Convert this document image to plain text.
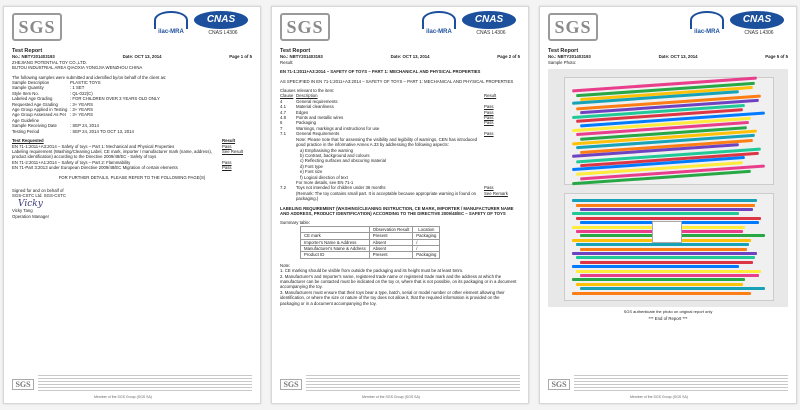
SGS	ilac-MRA
CNAS
CNAS L4306
Test Report
No.: NBTY201403193	Date: OCT 13, 2014	Page 1 of 5
ZHEJIANG POTENTIAL TOY CO.,LTD.
BUTOU INDUSTRIAL AREA QIAOXIA YONGJIA WENZHOU CHINA
The following samples were submitted and identified by/on behalf of the client as:
Sample Description	PLASTIC TOYS
Sample Quantity	: 1 SET
Style Item No.	: QL-022(C)
Labeled Age Grading	: FOR CHILDREN OVER 3 YEARS OLD ONLY
Requested Age Grading	: 3+ YEARS
Age Group Applied in Testing : 3+ YEARS
Age Group Assessed As Per Age Guideline
: 3+ YEARS
Sample Receiving Date	: SEP 24, 2014
Testing Period	: SEP 24, 2014 TO OCT 13, 2014
Test Requested	Result
EN 71-1:2011+A3:2014 – Safety of toys – Part 1: Mechanical and Physical Properties	Pass
Labeling requirement (Washing/Cleaning Label, CE mark, importer / manufacturer mark (name, address), product identification) according to the Directive 2009/48/EC - Safety of toys
See Result
EN 71-2:2011+A1:2014 – Safety of toys – Part 2: Flammability	Pass
EN 71-Part 3:2013 under European Directive 2009/48/EC Migration of certain elements	Pass
FOR FURTHER DETAILS, PLEASE REFER TO THE FOLLOWING PAGE(S)
Signed for and on behalf of
SGS-CSTC Ltd. SGS-CSTC
Vicky
Vicky Tang
Operation Manager
SGS
Member of the SGS Group (SGS SA)
SGS	ilac-MRA
CNAS
CNAS L4306
Test Report
No.: NBTY201403193	Date: OCT 13, 2014	Page 2 of 5
Result:
EN 71-1:2011+A3:2014 – SAFETY OF TOYS – PART 1: MECHANICAL AND PHYSICAL PROPERTIES
AS SPECIFIED IN EN 71-1:2011+A3:2014 – SAFETY OF TOYS – PART 1: MECHANICAL AND PHYSICAL PROPERTIES
Clauses relevant to the item:
Clause Description	Result
4	General requirements
4.1	Material cleanliness	Pass
4.7	Edges	Pass
4.8	Points and metallic wires	Pass
6	Packaging	Pass
7	Warnings, markings and instructions for use
7.1	General Requirements	Pass
Note: Please note that for assessing the visibility and legibility of warnings, CEN has introduced good practice in the informative Annex A.33 by addressing the following aspects:
a) Emphasising the warning
b) Contrast, background and colours
c) Reflecting surfaces and obscuring material
d) Font type
e) Font size
f) Logical direction of text
For more details, see EN 71-1
7.2	Toys not intended for children under 36 months	Pass
(Remark: The toy contains small part. It is acceptable because appropriate warning is found on packaging.)
See Remark
LABELING REQUIREMENT (WASHING/CLEANING INSTRUCTION, CE MARK, IMPORTER / MANUFACTURER NAME AND ADDRESS, PRODUCT IDENTIFICATION) ACCORDING TO THE DIRECTIVE 2009/48/EC – SAFETY OF TOYS
Summary table:
	Observation Result	Location
CE mark	Present	Packaging
Importer's Name & Address	Absent	/
Manufacturer's Name & Address	Absent	/
Product ID	Present	Packaging
Note:
1. CE marking should be visible from outside the packaging and its height must be at least 5mm.
2. Manufacturer's and Importer's name, registered trade name or registered trade mark and the address at which the manufacturer can be contacted must be indicated on the toy or, where that is not possible, on its packaging or in a document accompanying the toy.
3. Manufacturers must ensure that their toys bear a type, batch, serial or model number or other element allowing their identification, or where the size or nature of the toy does not allow it, that the required information is provided on the packaging or in a document accompanying the toy.
SGS
Member of the SGS Group (SGS SA)
SGS	ilac-MRA
CNAS
CNAS L4306
Test Report
No.: NBTY201403193	Date: OCT 13, 2014	Page 5 of 5
Sample Photo:
SGS authenticate the photo on original report only
*** End of Report ***
SGS
Member of the SGS Group (SGS SA)
